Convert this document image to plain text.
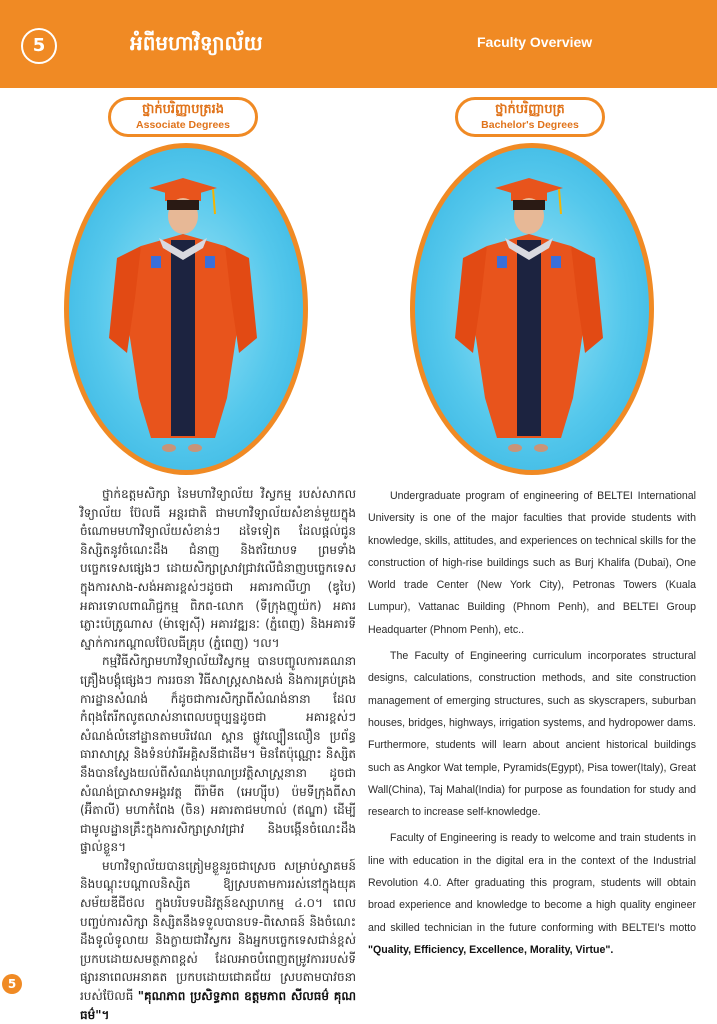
5	អំពីមហាវិទ្យាល័យ	Faculty Overview
ថ្នាក់បរិញ្ញាបត្ររង
Associate Degrees
ថ្នាក់បរិញ្ញាបត្រ
Bachelor's Degrees

ថ្នាក់ឧត្តមសិក្សា នៃមហាវិទ្យាល័យ វិស្វកម្ម របស់សាកលវិទ្យាល័យ ប៊ែលធី អន្តរជាតិ ជាមហាវិទ្យាល័យសំខាន់មួយក្នុងចំណោមមហាវិទ្យាល័យសំខាន់ៗ ដទៃទៀត ដែលផ្តល់ជូននិស្សិតនូវចំណេះដឹង ជំនាញ និងឥរិយាបទ ព្រមទាំង បច្ចេកទេសផ្សេងៗ ដោយសិក្សាស្រាវជ្រាវលើជំនាញបច្ចេកទេសក្នុងការសាង-សង់អគារខ្ពស់ៗដូចជា អគារកាលីហ្វា (ឌូបៃ) អគារទោលពាណិជ្ជកម្ម ពិភព-លោក (ទីក្រុងញូយ៉ក) អគារភ្លោះប៉េត្រូណាស (ម៉ាឡេស៊ី) អគារវឌ្ឍនៈ (ភ្នំពេញ) និងអគារទីស្នាក់ការកណ្តាលប៊ែលធីគ្រុប (ភ្នំពេញ) ។ល។

កម្មវិធីសិក្សាមហាវិទ្យាល័យវិស្វកម្ម បានបញ្ចូលការគណនាគ្រឿងបង្គុំផ្សេងៗ ការរចនា វិធីសាស្ត្រសាងសង់ និងការគ្រប់គ្រងការដ្ឋានសំណង់ ក៏ដូចជាការសិក្សាពីសំណង់នានា ដែលកំពុងតែរីកលូតលាស់នាពេលបច្ចុប្បន្នដូចជា អគារខ្ពស់ៗ សំណង់លំនៅដ្ឋានតាមបរិវេណ ស្ពាន ផ្លូវល្បឿនលឿន ប្រព័ន្ធធារាសាស្ត្រ និងទំនប់វារីអគ្គិសនីជាដើម។ មិនតែប៉ុណ្ណោះ និស្សិតនឹងបានស្វែងយល់ពីសំណង់បុរាណប្រវត្តិសាស្ត្រនានា ដូចជា សំណង់ប្រាសាទអង្គរវត្ត ពីរ៉ាមីត (អេហ្ស៊ីប) ប៉មទីក្រុងពីសា (អ៊ីតាលី) មហាកំពែង (ចិន) អគារតាជមហាល់ (ឥណ្ឌា) ដើម្បីជាមូលដ្ឋានគ្រឹះក្នុងការសិក្សាស្រាវជ្រាវ និងបង្កើនចំណេះដឹងផ្ទាល់ខ្លួន។

មហាវិទ្យាល័យបានត្រៀមខ្លួនរួចជាស្រេច សម្រាប់ស្វាគមន៍ និងបណ្តុះបណ្តាលនិស្សិត ឱ្យស្របតាមការរស់នៅក្នុងយុគសម័យឌីជីថល ក្នុងបរិបទបដិវត្តន៍ឧស្សាហកម្ម ៤.០។ ពេលបញ្ចប់ការសិក្សា និស្សិតនឹងទទួលបានបទ-ពិសោធន៍ និងចំណេះដឹងទូលំទូលាយ និងក្លាយជាវិស្វករ និងអ្នកបច្ចេកទេសជាន់ខ្ពស់ ប្រកបដោយសមត្ថភាពខ្ពស់ ដែលអាចបំពេញតម្រូវការរបស់ទីផ្សារនាពេលអនាគត ប្រកបដោយជោគជ័យ ស្របតាមបាវចនារបស់ប៊ែលធី "គុណភាព ប្រសិទ្ធភាព ឧត្តមភាព សីលធម៌ គុណធម៌"។

Undergraduate program of engineering of BELTEI International University is one of the major faculties that provide students with knowledge, skills, attitudes, and experiences on technical skills for the construction of high-rise buildings such as Burj Khalifa (Dubai), One World trade Center (New York City), Petronas Towers (Kuala Lumpur), Vattanac Building (Phnom Penh), and BELTEI Group Headquarter (Phnom Penh), etc..

The Faculty of Engineering curriculum incorporates structural designs, calculations, construction methods, and site construction management of emerging structures, such as skyscrapers, suburban houses, bridges, highways, irrigation systems, and hydropower dams. Furthermore, students will learn about ancient historical buildings such as Angkor Wat temple, Pyramids(Egypt), Pisa tower(Italy), Great Wall(China), Taj Mahal(India) for purpose as foundation for study and research to increase self-knowledge.

Faculty of Engineering is ready to welcome and train students in line with education in the digital era in the context of the Industrial Revolution 4.0. After graduating this program, students will obtain broad experience and knowledge to become a high quality engineer and skilled technician in the future conforming with BELTEI's motto "Quality, Efficiency, Excellence, Morality, Virtue".

5
